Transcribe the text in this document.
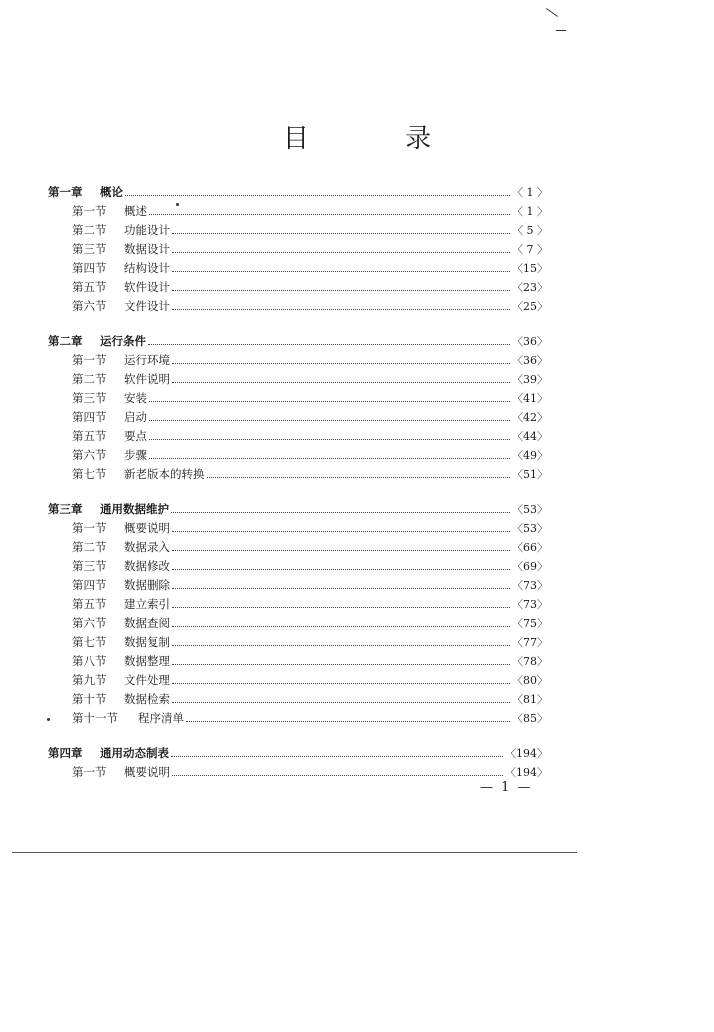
目 录
第一章	概论	〈 1 〉
第一节	概述	〈 1 〉
第二节	功能设计	〈 5 〉
第三节	数据设计	〈 7 〉
第四节	结构设计	〈15〉
第五节	软件设计	〈23〉
第六节	文件设计	〈25〉
第二章	运行条件	〈36〉
第一节	运行环境	〈36〉
第二节	软件说明	〈39〉
第三节	安装	〈41〉
第四节	启动	〈42〉
第五节	要点	〈44〉
第六节	步骤	〈49〉
第七节	新老版本的转换	〈51〉
第三章	通用数据维护	〈53〉
第一节	概要说明	〈53〉
第二节	数据录入	〈66〉
第三节	数据修改	〈69〉
第四节	数据删除	〈73〉
第五节	建立索引	〈73〉
第六节	数据查阅	〈75〉
第七节	数据复制	〈77〉
第八节	数据整理	〈78〉
第九节	文件处理	〈80〉
第十节	数据检索	〈81〉
第十一节	程序清单	〈85〉
第四章	通用动态制表	〈194〉
第一节	概要说明	〈194〉
— 1 —
